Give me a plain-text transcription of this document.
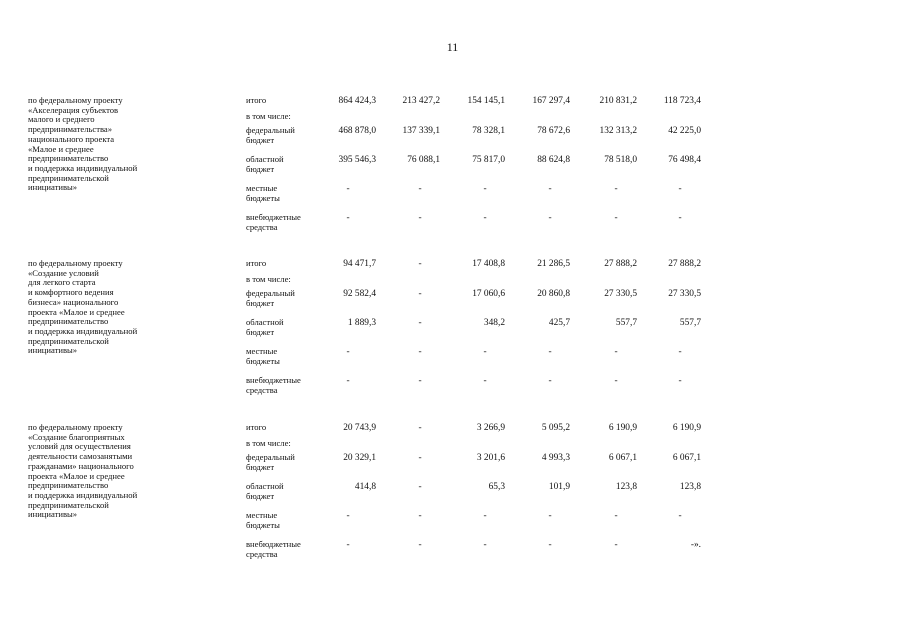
11
по федеральному проекту
«Акселерация субъектов
малого и среднего
предпринимательства»
национального проекта
«Малое и среднее
предпринимательство
и поддержка индивидуальной
предпринимательской
инициативы»
итого	864 424,3	213 427,2	154 145,1	167 297,4	210 831,2	118 723,4
в том числе:
федеральный
бюджет
468 878,0	137 339,1	78 328,1	78 672,6	132 313,2	42 225,0
областной
бюджет
395 546,3	76 088,1	75 817,0	88 624,8	78 518,0	76 498,4
местные
бюджеты
-	-	-	-	-	-
внебюджетные
средства
-	-	-	-	-	-
по федеральному проекту
«Создание условий
для легкого старта
и комфортного ведения
бизнеса» национального
проекта «Малое и среднее
предпринимательство
и поддержка индивидуальной
предпринимательской
инициативы»
итого	94 471,7	-	17 408,8	21 286,5	27 888,2	27 888,2
в том числе:
федеральный
бюджет
92 582,4	-	17 060,6	20 860,8	27 330,5	27 330,5
областной
бюджет
1 889,3	-	348,2	425,7	557,7	557,7
местные
бюджеты
-	-	-	-	-	-
внебюджетные
средства
-	-	-	-	-	-
по федеральному проекту
«Создание благоприятных
условий для осуществления
деятельности самозанятыми
гражданами» национального
проекта «Малое и среднее
предпринимательство
и поддержка индивидуальной
предпринимательской
инициативы»
итого	20 743,9	-	3 266,9	5 095,2	6 190,9	6 190,9
в том числе:
федеральный
бюджет
20 329,1	-	3 201,6	4 993,3	6 067,1	6 067,1
областной
бюджет
414,8	-	65,3	101,9	123,8	123,8
местные
бюджеты
-	-	-	-	-	-
внебюджетные
средства
-	-	-	-	-	-».
